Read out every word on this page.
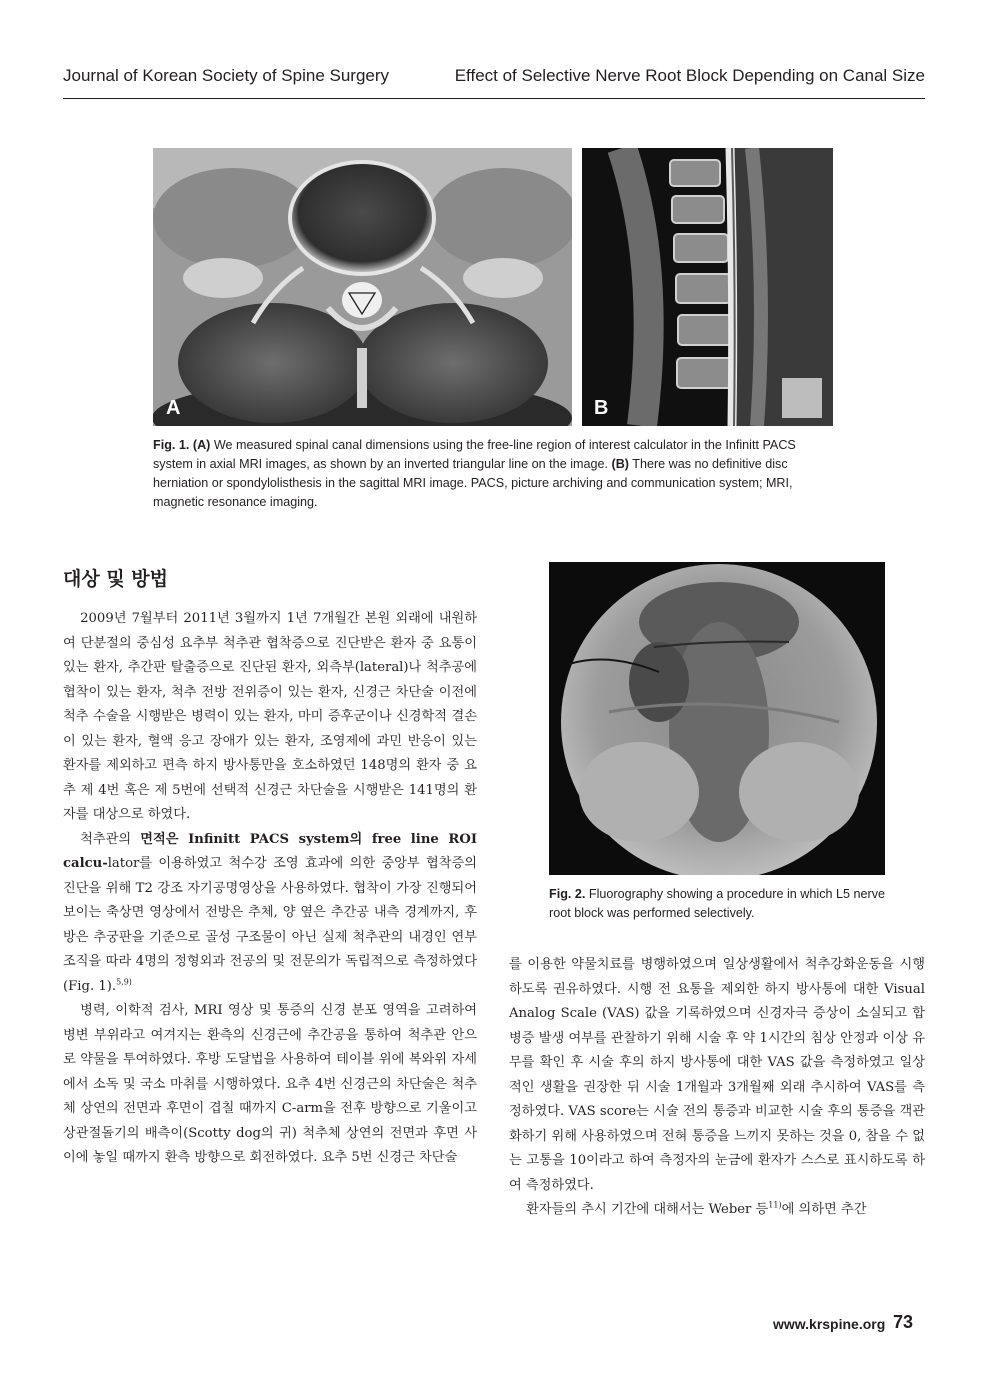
Journal of Korean Society of Spine Surgery	Effect of Selective Nerve Root Block Depending on Canal Size
A	B
Fig. 1. (A) We measured spinal canal dimensions using the free-line region of interest calculator in the Infinitt PACS system in axial MRI images, as shown by an inverted triangular line on the image. (B) There was no definitive disc herniation or spondylolisthesis in the sagittal MRI image. PACS, picture archiving and communication system; MRI, magnetic resonance imaging.
대상 및 방법

2009년 7월부터 2011년 3월까지 1년 7개월간 본원 외래에 내원하여 단분절의 중심성 요추부 척추관 협착증으로 진단받은 환자 중 요통이 있는 환자, 추간판 탈출증으로 진단된 환자, 외측부(lateral)나 척추공에 협착이 있는 환자, 척추 전방 전위증이 있는 환자, 신경근 차단술 이전에 척추 수술을 시행받은 병력이 있는 환자, 마미 증후군이나 신경학적 결손이 있는 환자, 혈액 응고 장애가 있는 환자, 조영제에 과민 반응이 있는 환자를 제외하고 편측 하지 방사통만을 호소하였던 148명의 환자 중 요추 제 4번 혹은 제 5번에 선택적 신경근 차단술을 시행받은 141명의 환자를 대상으로 하였다.

척추관의 면적은 Infinitt PACS system의 free line ROI calcu-lator를 이용하였고 척수강 조영 효과에 의한 중앙부 협착증의 진단을 위해 T2 강조 자기공명영상을 사용하였다. 협착이 가장 진행되어 보이는 축상면 영상에서 전방은 추체, 양 옆은 추간공 내측 경계까지, 후방은 추궁판을 기준으로 골성 구조물이 아닌 실제 척추관의 내경인 연부조직을 따라 4명의 정형외과 전공의 및 전문의가 독립적으로 측정하였다(Fig. 1).$^{5,9)}$

병력, 이학적 검사, MRI 영상 및 통증의 신경 분포 영역을 고려하여 병변 부위라고 여겨지는 환측의 신경근에 추간공을 통하여 척추관 안으로 약물을 투여하였다. 후방 도달법을 사용하여 테이블 위에 복와위 자세에서 소독 및 국소 마취를 시행하였다. 요추 4번 신경근의 차단술은 척추체 상연의 전면과 후면이 겹칠 때까지 C-arm을 전후 방향으로 기울이고 상관절돌기의 배측이(Scotty dog의 귀) 척추체 상연의 전면과 후면 사이에 놓일 때까지 환측 방향으로 회전하였다. 요추 5번 신경근 차단술

Fig. 2. Fluorography showing a procedure in which L5 nerve root block was performed selectively.

를 이용한 약물치료를 병행하였으며 일상생활에서 척추강화운동을 시행하도록 권유하였다. 시행 전 요통을 제외한 하지 방사통에 대한 Visual Analog Scale (VAS) 값을 기록하였으며 신경자극 증상이 소실되고 합병증 발생 여부를 관찰하기 위해 시술 후 약 1시간의 침상 안정과 이상 유무를 확인 후 시술 후의 하지 방사통에 대한 VAS 값을 측정하였고 일상적인 생활을 권장한 뒤 시술 1개월과 3개월째 외래 추시하여 VAS를 측정하였다. VAS score는 시술 전의 통증과 비교한 시술 후의 통증을 객관화하기 위해 사용하였으며 전혀 통증을 느끼지 못하는 것을 0, 참을 수 없는 고통을 10이라고 하여 측정자의 눈금에 환자가 스스로 표시하도록 하여 측정하였다.

환자들의 추시 기간에 대해서는 Weber 등$^{11)}$에 의하면 추간

www.krspine.org 73
